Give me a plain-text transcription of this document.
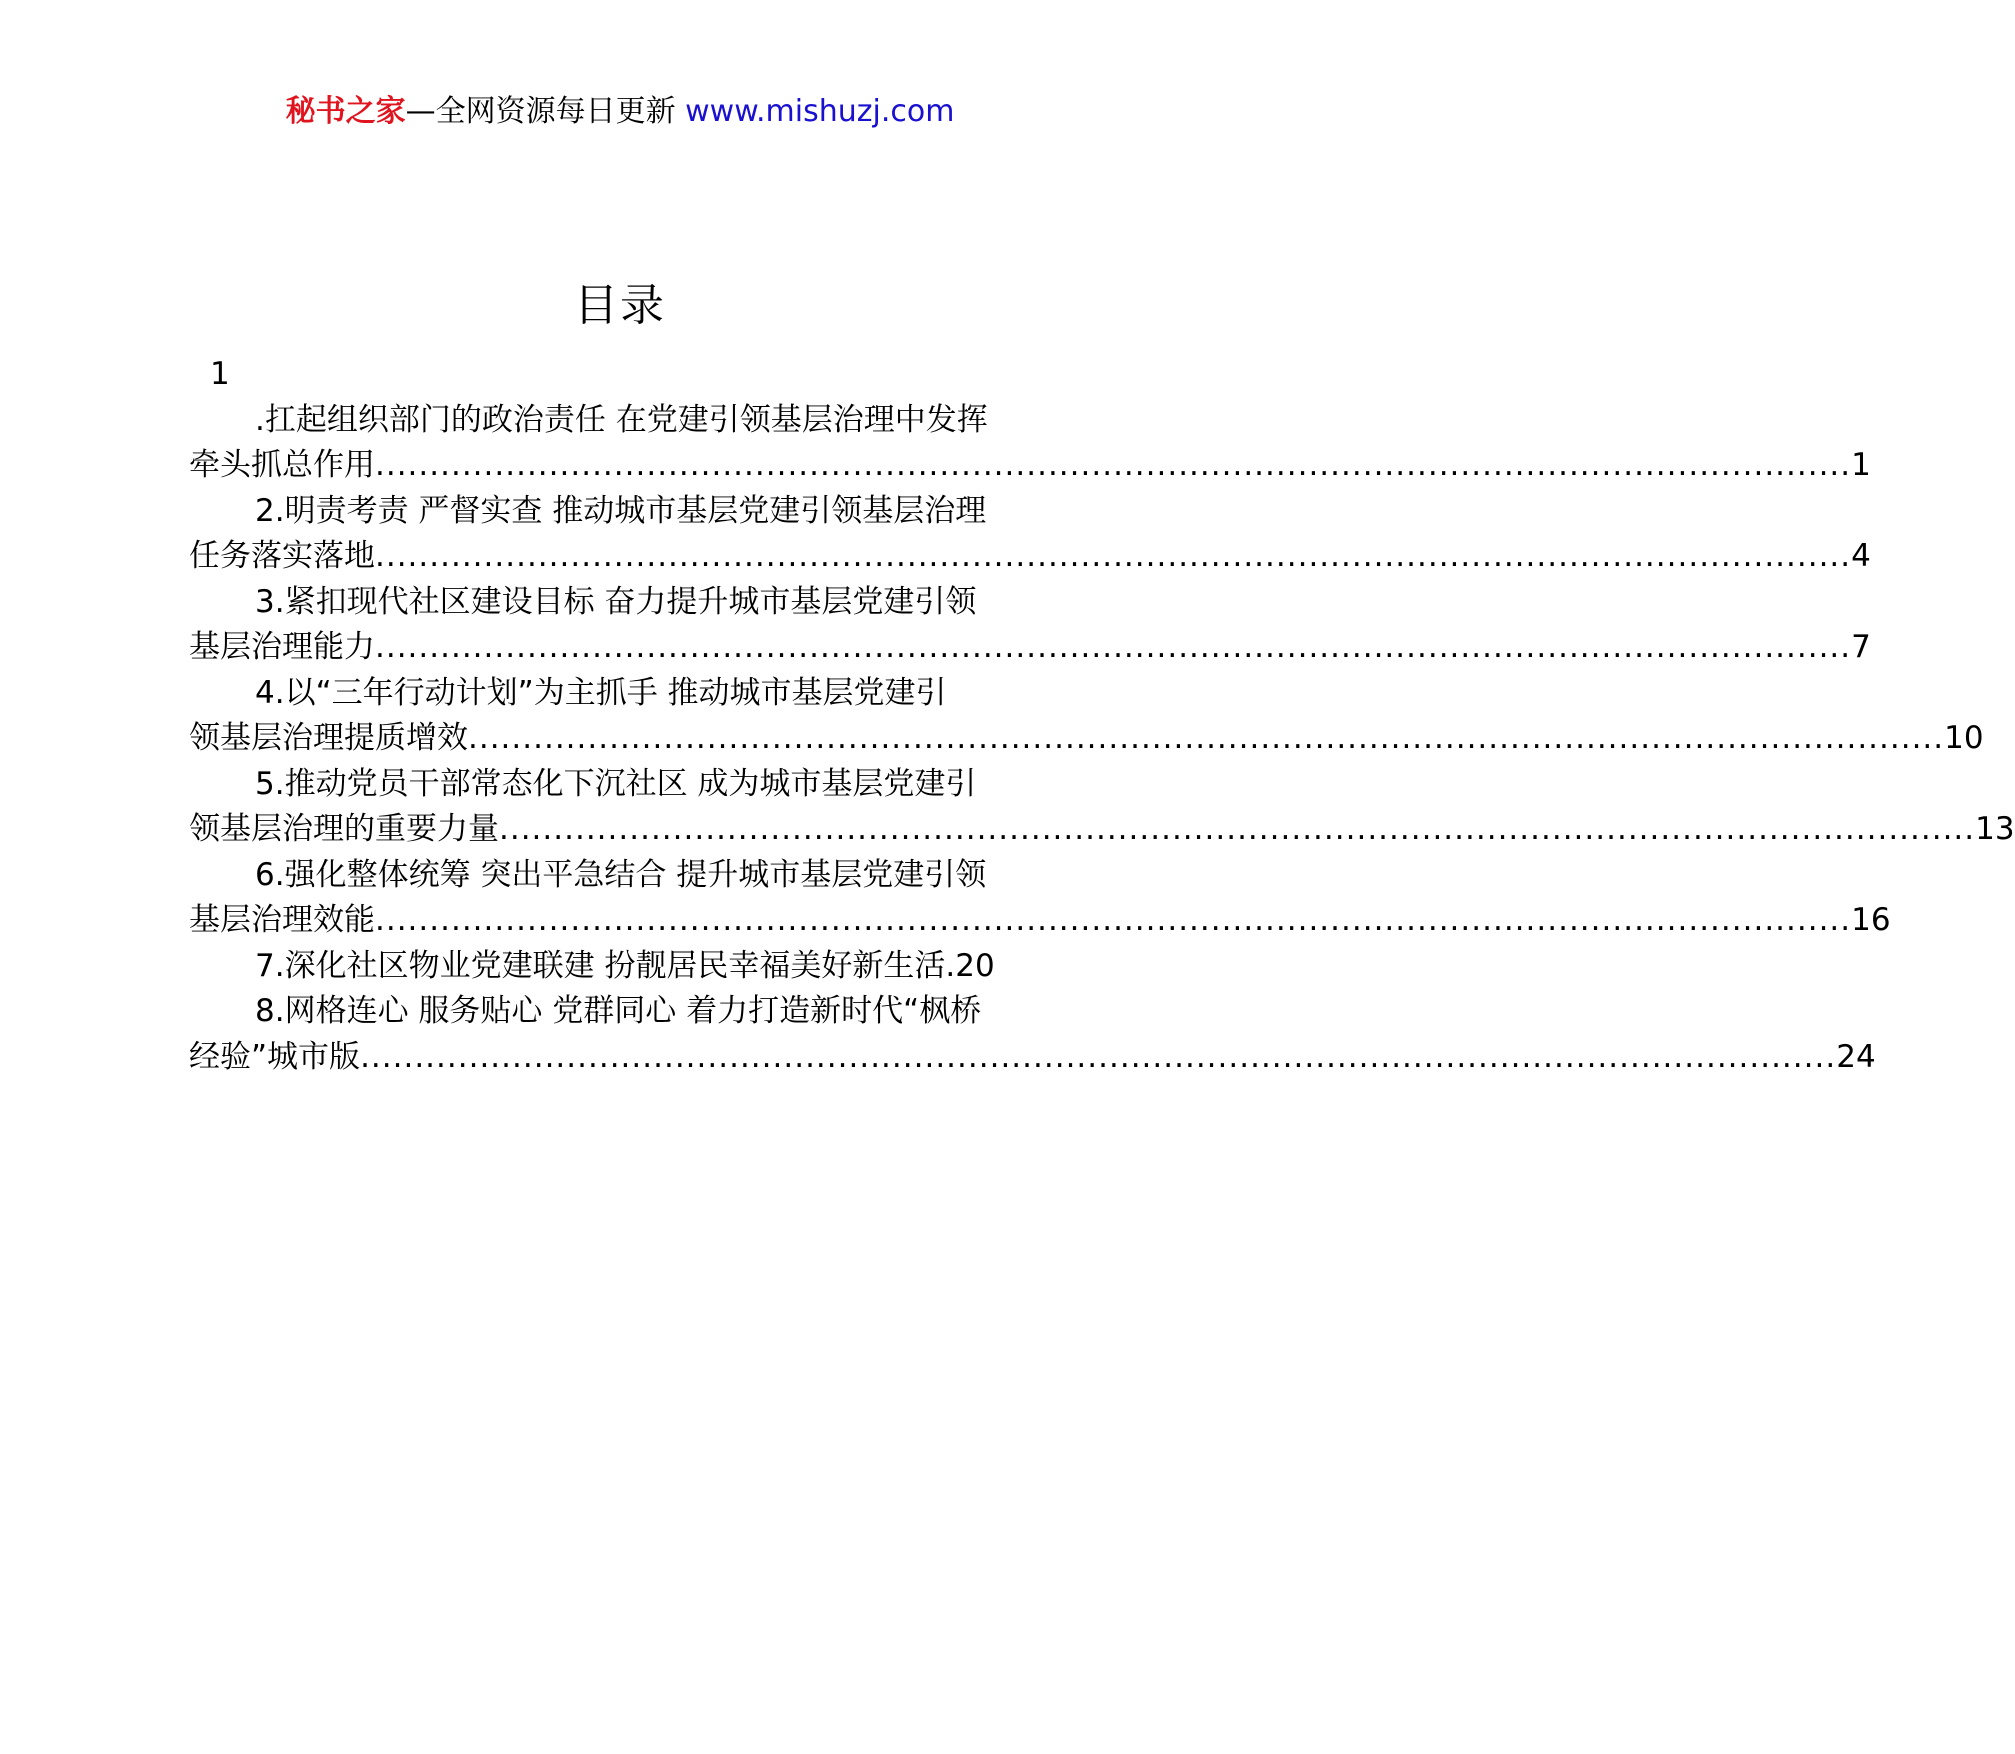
秘书之家—全网资源每日更新 www.mishuzj.com
目录
1
.扛起组织部门的政治责任 在党建引领基层治理中发挥
牵头抓总作用 ........................................................................................................................................ 1
2.明责考责 严督实查 推动城市基层党建引领基层治理
任务落实落地 ........................................................................................................................................ 4
3.紧扣现代社区建设目标 奋力提升城市基层党建引领
基层治理能力 ........................................................................................................................................ 7
4.以“三年行动计划”为主抓手 推动城市基层党建引
领基层治理提质增效 ........................................................................................................................................ 10
5.推动党员干部常态化下沉社区 成为城市基层党建引
领基层治理的重要力量 ........................................................................................................................................ 13
6.强化整体统筹 突出平急结合 提升城市基层党建引领
基层治理效能 ........................................................................................................................................ 16
7.深化社区物业党建联建 扮靓居民幸福美好新生活.20
8.网格连心 服务贴心 党群同心 着力打造新时代“枫桥
经验”城市版 ........................................................................................................................................ 24
